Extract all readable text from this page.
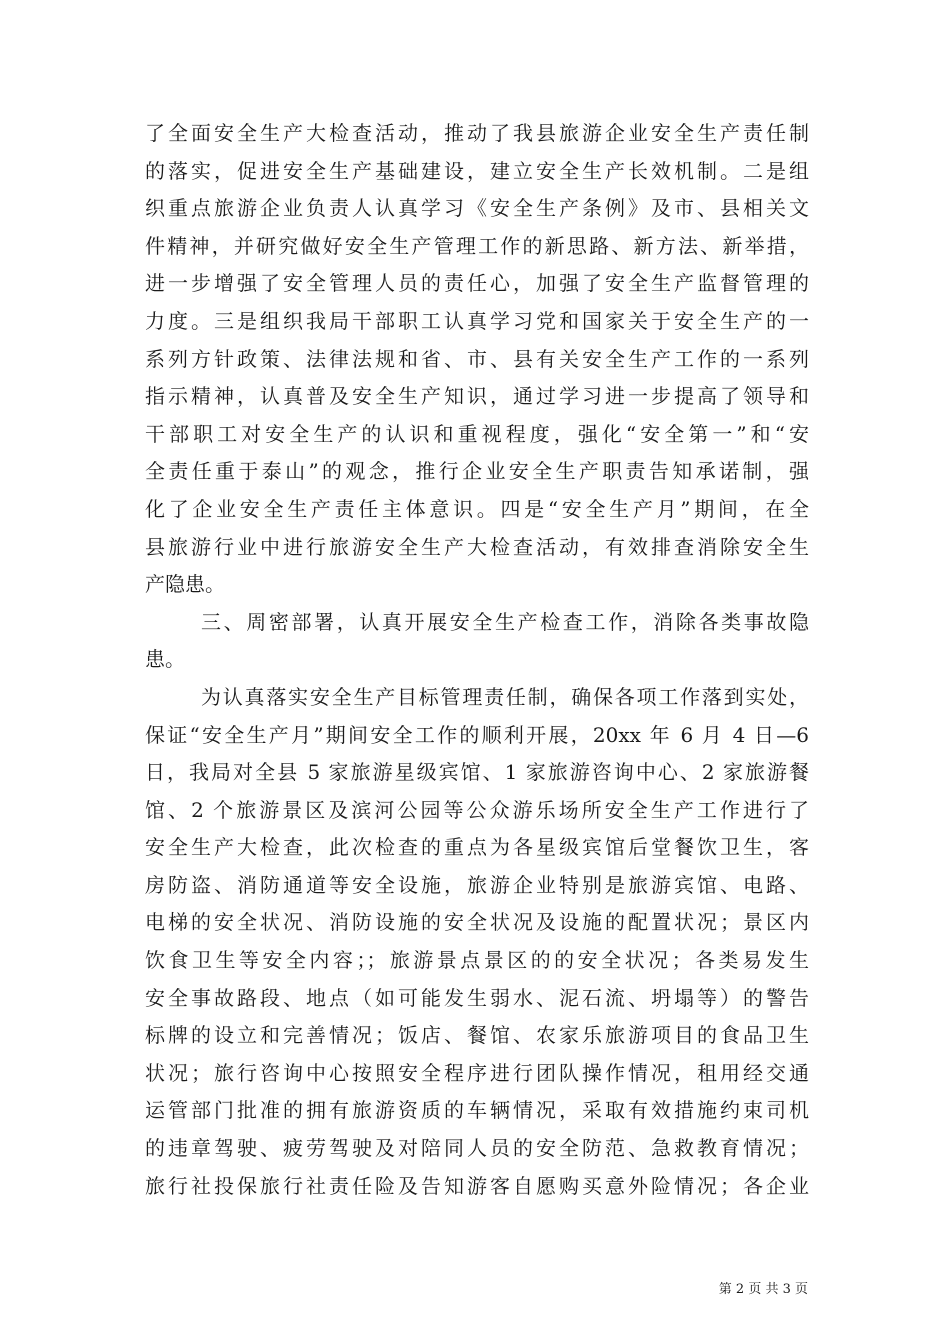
了全面安全生产大检查活动，推动了我县旅游企业安全生产责任制
的落实，促进安全生产基础建设，建立安全生产长效机制。二是组
织重点旅游企业负责人认真学习《安全生产条例》及市、县相关文
件精神，并研究做好安全生产管理工作的新思路、新方法、新举措，
进一步增强了安全管理人员的责任心，加强了安全生产监督管理的
力度。三是组织我局干部职工认真学习党和国家关于安全生产的一
系列方针政策、法律法规和省、市、县有关安全生产工作的一系列
指示精神，认真普及安全生产知识，通过学习进一步提高了领导和
干部职工对安全生产的认识和重视程度，强化“安全第一”和“安
全责任重于泰山”的观念，推行企业安全生产职责告知承诺制，强
化了企业安全生产责任主体意识。四是“安全生产月”期间，在全
县旅游行业中进行旅游安全生产大检查活动，有效排查消除安全生
产隐患。
三、周密部署，认真开展安全生产检查工作，消除各类事故隐
患。
为认真落实安全生产目标管理责任制，确保各项工作落到实处，
保证“安全生产月”期间安全工作的顺利开展，20xx 年 6 月 4 日—6
日，我局对全县 5 家旅游星级宾馆、1 家旅游咨询中心、2 家旅游餐
馆、2 个旅游景区及滨河公园等公众游乐场所安全生产工作进行了
安全生产大检查，此次检查的重点为各星级宾馆后堂餐饮卫生，客
房防盗、消防通道等安全设施，旅游企业特别是旅游宾馆、电路、
电梯的安全状况、消防设施的安全状况及设施的配置状况；景区内
饮食卫生等安全内容；；旅游景点景区的的安全状况；各类易发生
安全事故路段、地点（如可能发生弱水、泥石流、坍塌等）的警告
标牌的设立和完善情况；饭店、餐馆、农家乐旅游项目的食品卫生
状况；旅行咨询中心按照安全程序进行团队操作情况，租用经交通
运管部门批准的拥有旅游资质的车辆情况，采取有效措施约束司机
的违章驾驶、疲劳驾驶及对陪同人员的安全防范、急救教育情况；
旅行社投保旅行社责任险及告知游客自愿购买意外险情况；各企业
第 2 页 共 3 页
